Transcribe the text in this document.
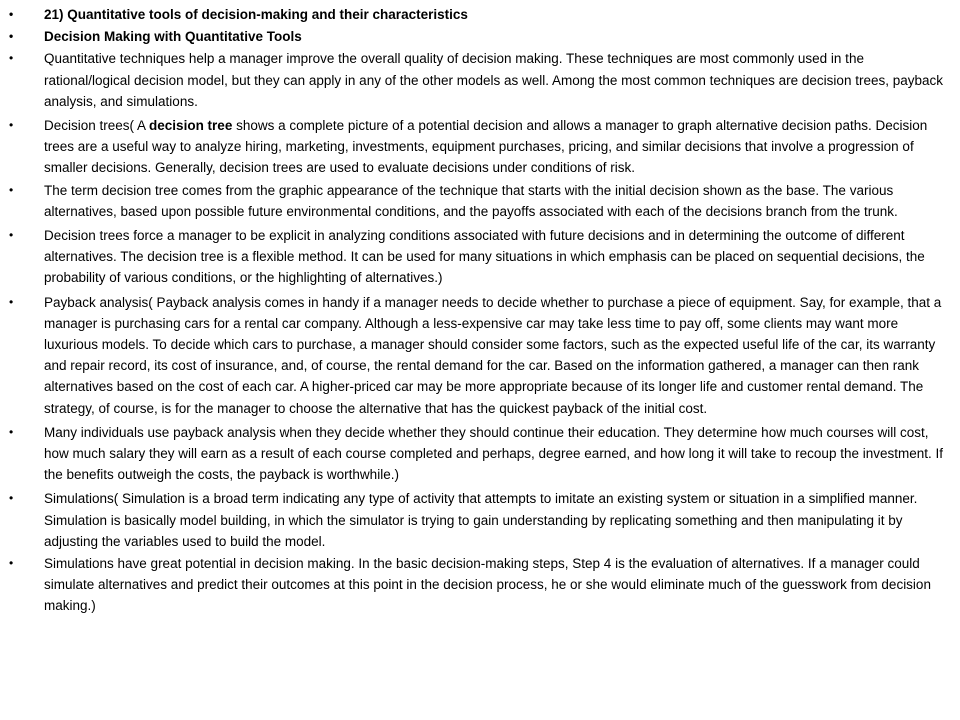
• 21) Quantitative tools of decision-making and their characteristics
• Decision Making with Quantitative Tools
• Quantitative techniques help a manager improve the overall quality of decision making. These techniques are most commonly used in the rational/logical decision model, but they can apply in any of the other models as well. Among the most common techniques are decision trees, payback analysis, and simulations.
• Decision trees( A decision tree shows a complete picture of a potential decision and allows a manager to graph alternative decision paths. Decision trees are a useful way to analyze hiring, marketing, investments, equipment purchases, pricing, and similar decisions that involve a progression of smaller decisions. Generally, decision trees are used to evaluate decisions under conditions of risk.
• The term decision tree comes from the graphic appearance of the technique that starts with the initial decision shown as the base. The various alternatives, based upon possible future environmental conditions, and the payoffs associated with each of the decisions branch from the trunk.
• Decision trees force a manager to be explicit in analyzing conditions associated with future decisions and in determining the outcome of different alternatives. The decision tree is a flexible method. It can be used for many situations in which emphasis can be placed on sequential decisions, the probability of various conditions, or the highlighting of alternatives.)
• Payback analysis( Payback analysis comes in handy if a manager needs to decide whether to purchase a piece of equipment. Say, for example, that a manager is purchasing cars for a rental car company. Although a less-expensive car may take less time to pay off, some clients may want more luxurious models. To decide which cars to purchase, a manager should consider some factors, such as the expected useful life of the car, its warranty and repair record, its cost of insurance, and, of course, the rental demand for the car. Based on the information gathered, a manager can then rank alternatives based on the cost of each car. A higher-priced car may be more appropriate because of its longer life and customer rental demand. The strategy, of course, is for the manager to choose the alternative that has the quickest payback of the initial cost.
• Many individuals use payback analysis when they decide whether they should continue their education. They determine how much courses will cost, how much salary they will earn as a result of each course completed and perhaps, degree earned, and how long it will take to recoup the investment. If the benefits outweigh the costs, the payback is worthwhile.)
• Simulations( Simulation is a broad term indicating any type of activity that attempts to imitate an existing system or situation in a simplified manner. Simulation is basically model building, in which the simulator is trying to gain understanding by replicating something and then manipulating it by adjusting the variables used to build the model.
• Simulations have great potential in decision making. In the basic decision-making steps, Step 4 is the evaluation of alternatives. If a manager could simulate alternatives and predict their outcomes at this point in the decision process, he or she would eliminate much of the guesswork from decision making.)
